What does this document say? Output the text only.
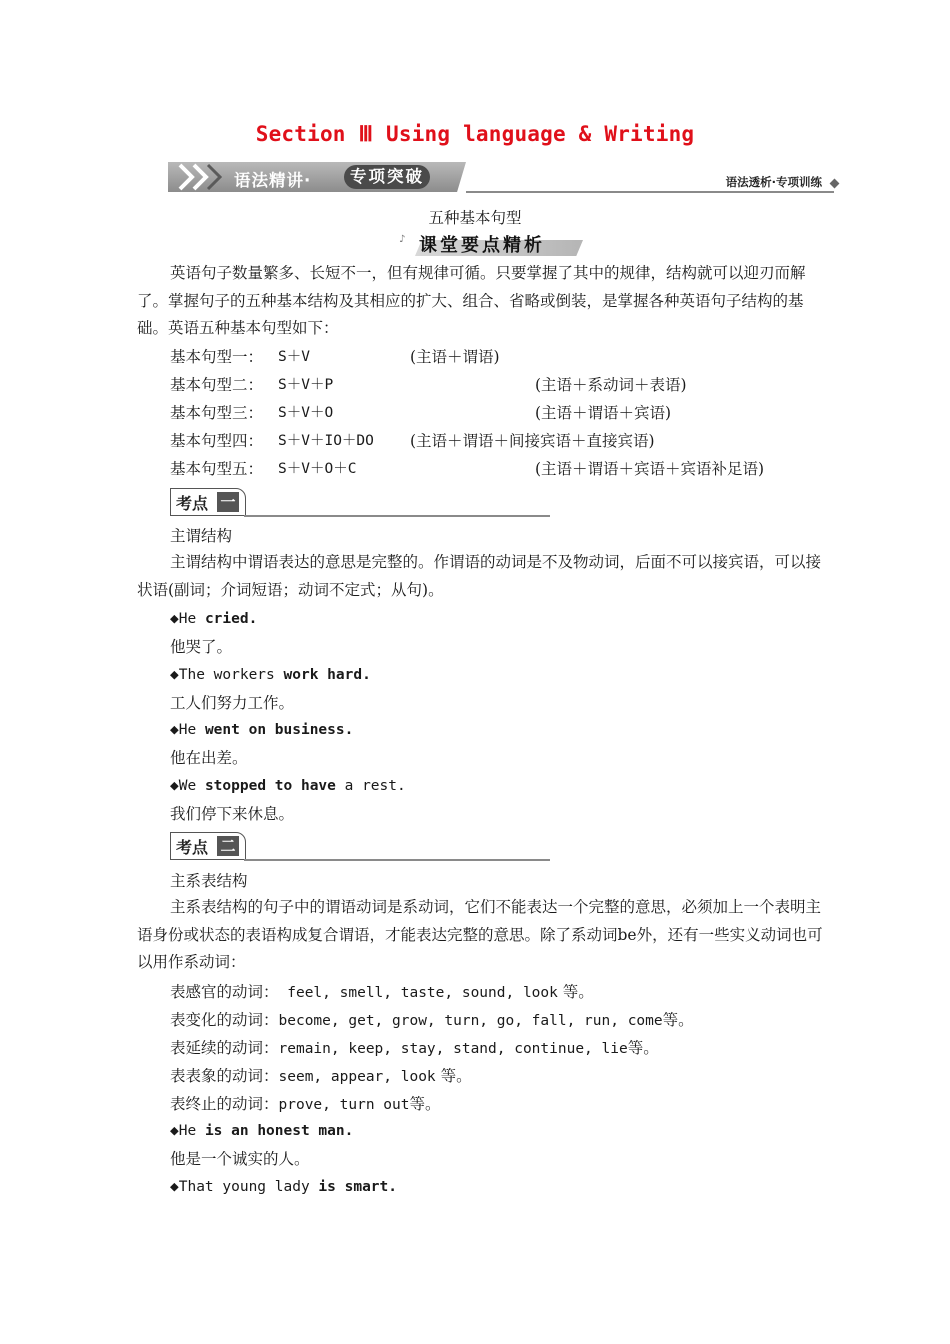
Section Ⅲ Using language & Writing
语法精讲·	专项突破	语法透析·专项训练
五种基本句型
♪ 课堂要点精析
英语句子数量繁多、长短不一，但有规律可循。只要掌握了其中的规律，结构就可以迎刃而解了。掌握句子的五种基本结构及其相应的扩大、组合、省略或倒装，是掌握各种英语句子结构的基础。英语五种基本句型如下：
基本句型一： S＋V	(主语＋谓语)
基本句型二： S＋V＋P	(主语＋系动词＋表语)
基本句型三： S＋V＋O	(主语＋谓语＋宾语)
基本句型四： S＋V＋IO＋DO (主语＋谓语＋间接宾语＋直接宾语)
基本句型五： S＋V＋O＋C	(主语＋谓语＋宾语＋宾语补足语)
考点 一
主谓结构
主谓结构中谓语表达的意思是完整的。作谓语的动词是不及物动词，后面不可以接宾语，可以接状语(副词；介词短语；动词不定式；从句)。
◆He cried.
他哭了。
◆The workers work hard.
工人们努力工作。
◆He went on business.
他在出差。
◆We stopped to have a rest.
我们停下来休息。
考点 二
主系表结构
主系表结构的句子中的谓语动词是系动词，它们不能表达一个完整的意思，必须加上一个表明主语身份或状态的表语构成复合谓语，才能表达完整的意思。除了系动词be外，还有一些实义动词也可以用作系动词：
表感官的动词： feel, smell, taste, sound, look 等。
表变化的动词：become, get, grow, turn, go, fall, run, come等。
表延续的动词：remain, keep, stay, stand, continue, lie等。
表表象的动词：seem, appear, look 等。
表终止的动词：prove, turn out等。
◆He is an honest man.
他是一个诚实的人。
◆That young lady is smart.
